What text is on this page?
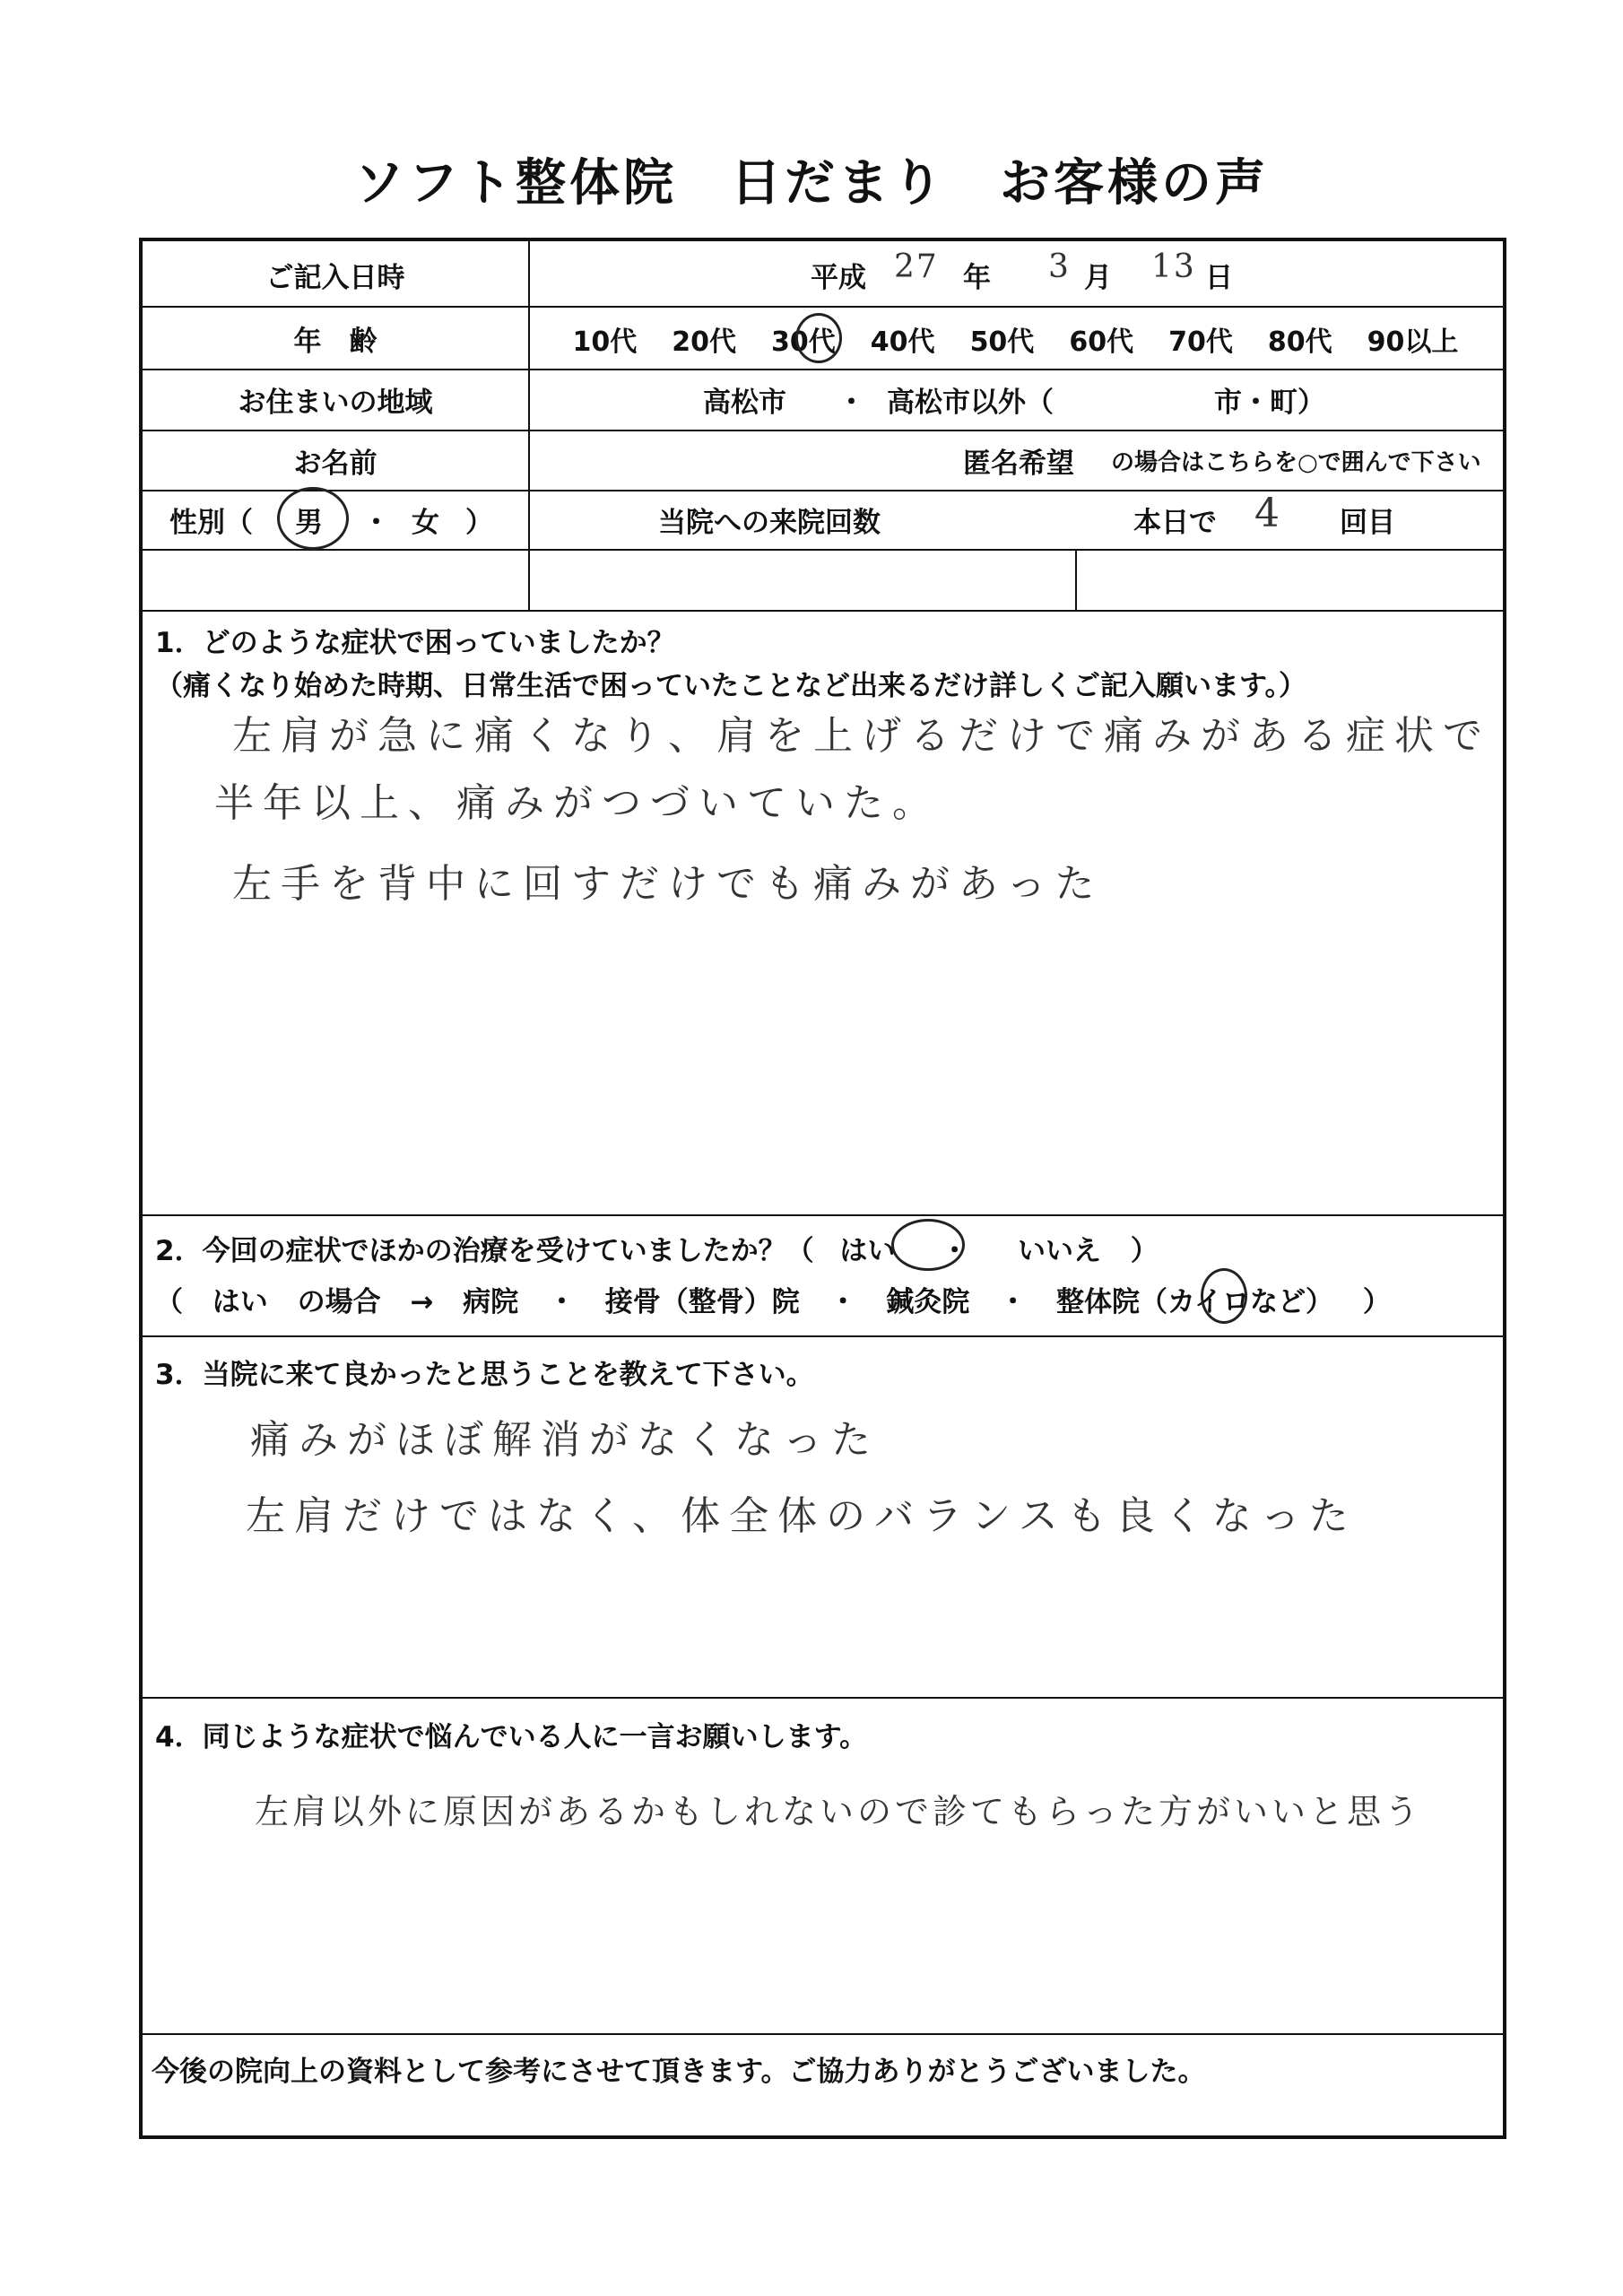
ソフト整体院　日だまり　お客様の声
ご記入日時	平成 27 年 3 月 13 日
年　齢	10代 20代 30代 40代 50代 60代 70代 80代 90以上
お住まいの地域	高松市 ・ 高松市以外（	市・町）
お名前	匿名希望 の場合はこちらを○で囲んで下さい
性別（ 男 ・ 女 ）	当院への来院回数	本日で 4 回目
1．どのような症状で困っていましたか？
（痛くなり始めた時期、日常生活で困っていたことなど出来るだけ詳しくご記入願います。）
左肩が急に痛くなり、肩を上げるだけで痛みがある症状で
半年以上、痛みがつづいていた。
左手を背中に回すだけでも痛みがあった
2．今回の症状でほかの治療を受けていましたか？（ はい ・ いいえ ）
（ はい の場合 → 病院 ・ 接骨（整骨）院 ・ 鍼灸院 ・ 整体院（カイロなど） ）
3．当院に来て良かったと思うことを教えて下さい。
痛みがほぼ解消がなくなった
左肩だけではなく、体全体のバランスも良くなった
4．同じような症状で悩んでいる人に一言お願いします。
左肩以外に原因があるかもしれないので診てもらった方がいいと思う
今後の院向上の資料として参考にさせて頂きます。ご協力ありがとうございました。
